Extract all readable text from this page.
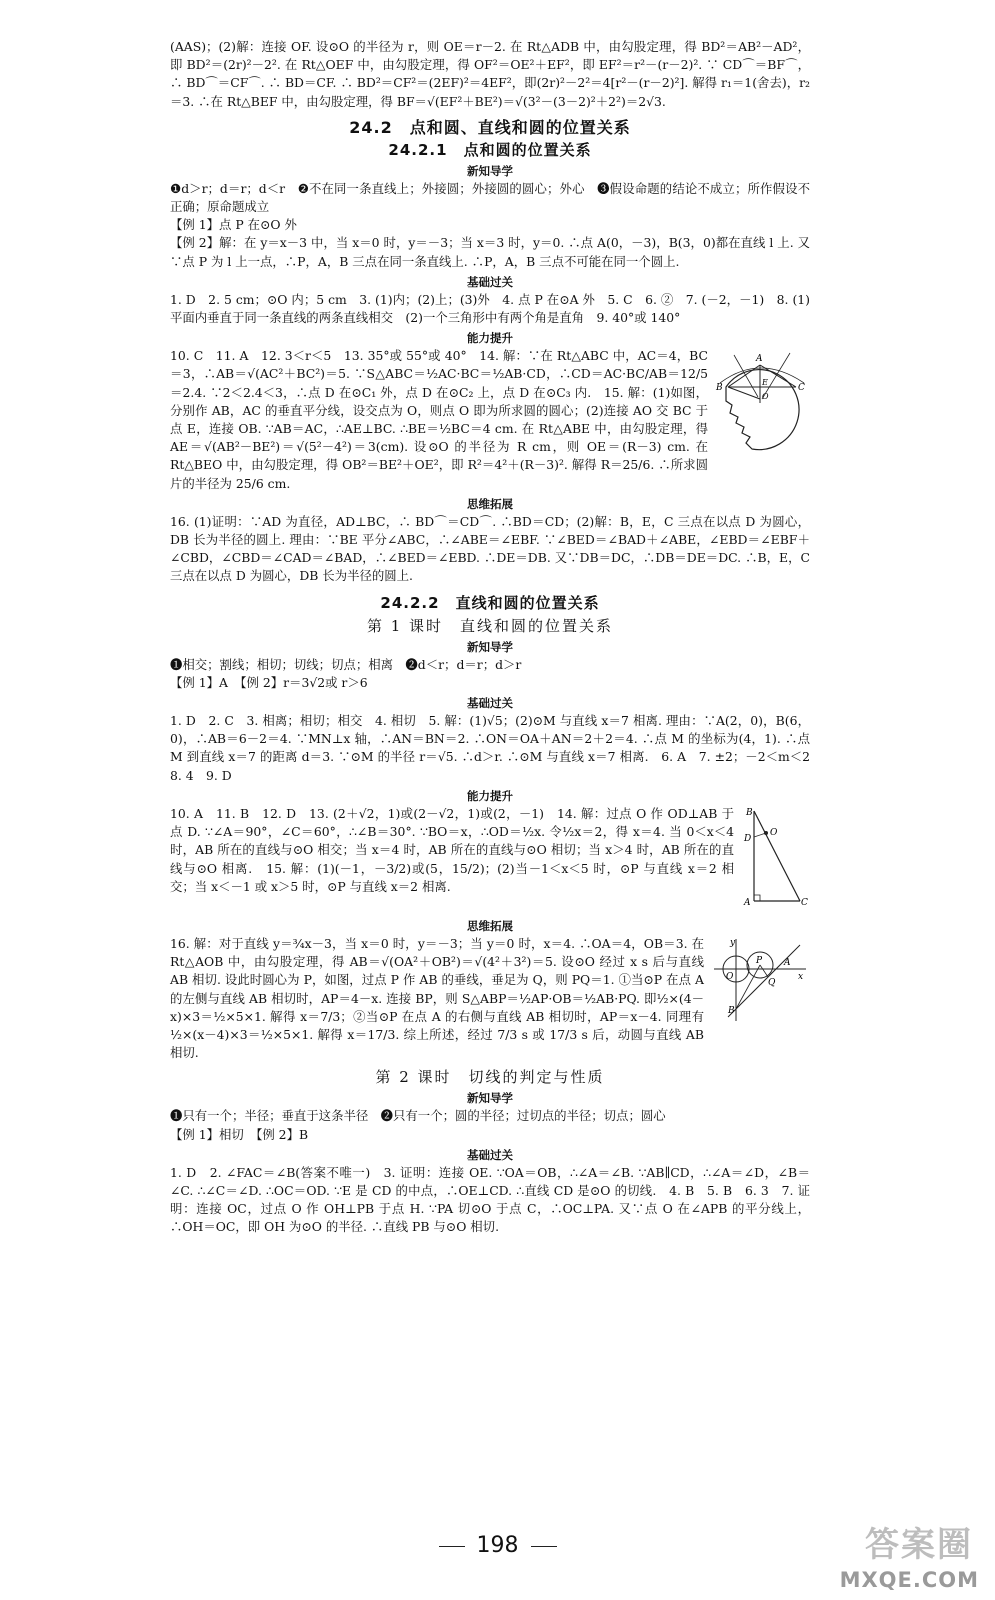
(AAS)；(2)解：连接 OF. 设⊙O 的半径为 r，则 OE＝r－2. 在 Rt△ADB 中，由勾股定理，得 BD²＝AB²－AD²，即 BD²＝(2r)²－2². 在 Rt△OEF 中，由勾股定理，得 OF²＝OE²＋EF²，即 EF²＝r²－(r－2)². ∵ CD⌒＝BF⌒，∴ BD⌒＝CF⌒. ∴ BD＝CF. ∴ BD²＝CF²＝(2EF)²＝4EF²，即(2r)²－2²＝4[r²－(r－2)²]. 解得 r₁＝1(舍去)，r₂＝3. ∴在 Rt△BEF 中，由勾股定理，得 BF＝√(EF²＋BE²)＝√(3²－(3－2)²＋2²)＝2√3.

24.2　点和圆、直线和圆的位置关系
24.2.1　点和圆的位置关系
新知导学

❶d＞r；d＝r；d＜r　❷不在同一条直线上；外接圆；外接圆的圆心；外心　❸假设命题的结论不成立；所作假设不正确；原命题成立

【例 1】点 P 在⊙O 外

【例 2】解：在 y＝x－3 中，当 x＝0 时，y＝－3；当 x＝3 时，y＝0. ∴点 A(0，－3)，B(3，0)都在直线 l 上. 又∵点 P 为 l 上一点，∴P，A，B 三点在同一条直线上. ∴P，A，B 三点不可能在同一个圆上.

基础过关

1. D　2. 5 cm；⊙O 内；5 cm　3. (1)内；(2)上；(3)外　4. 点 P 在⊙A 外　5. C　6. ②　7. (－2，－1)　8. (1)平面内垂直于同一条直线的两条直线相交　(2)一个三角形中有两个角是直角　9. 40°或 140°

能力提升

10. C　11. A　12. 3＜r＜5　13. 35°或 55°或 40°　14. 解：∵在 Rt△ABC 中，AC＝4，BC＝3，∴AB＝√(AC²＋BC²)＝5. ∵S△ABC＝½AC·BC＝½AB·CD，∴CD＝AC·BC/AB＝12/5＝2.4. ∵2＜2.4＜3，∴点 D 在⊙C₁ 外，点 D 在⊙C₂ 上，点 D 在⊙C₃ 内.　15. 解：(1)如图，分别作 AB，AC 的垂直平分线，设交点为 O，则点 O 即为所求圆的圆心；(2)连接 AO 交 BC 于点 E，连接 OB. ∵AB＝AC，∴AE⊥BC. ∴BE＝½BC＝4 cm. 在 Rt△ABE 中，由勾股定理，得 AE＝√(AB²－BE²)＝√(5²－4²)＝3(cm). 设⊙O 的半径为 R cm，则 OE＝(R－3) cm. 在 Rt△BEO 中，由勾股定理，得 OB²＝BE²＋OE²，即 R²＝4²＋(R－3)². 解得 R＝25/6. ∴所求圆片的半径为 25/6 cm.

A
B	C
E
O
思维拓展

16. (1)证明：∵AD 为直径，AD⊥BC，∴ BD⌒＝CD⌒. ∴BD＝CD；(2)解：B，E，C 三点在以点 D 为圆心，DB 长为半径的圆上. 理由：∵BE 平分∠ABC，∴∠ABE＝∠EBF. ∵∠BED＝∠BAD＋∠ABE，∠EBD＝∠EBF＋∠CBD，∠CBD＝∠CAD＝∠BAD，∴∠BED＝∠EBD. ∴DE＝DB. 又∵DB＝DC，∴DB＝DE＝DC. ∴B，E，C 三点在以点 D 为圆心，DB 长为半径的圆上.

24.2.2　直线和圆的位置关系
第 1 课时　直线和圆的位置关系
新知导学

❶相交；割线；相切；切线；切点；相离　❷d＜r；d＝r；d＞r

【例 1】A　【例 2】r＝3√2或 r＞6

基础过关

1. D　2. C　3. 相离；相切；相交　4. 相切　5. 解：(1)√5；(2)⊙M 与直线 x＝7 相离. 理由：∵A(2，0)，B(6，0)，∴AB＝6－2＝4. ∵MN⊥x 轴，∴AN＝BN＝2. ∴ON＝OA＋AN＝2＋2＝4. ∴点 M 的坐标为(4，1). ∴点 M 到直线 x＝7 的距离 d＝3. ∵⊙M 的半径 r＝√5. ∴d＞r. ∴⊙M 与直线 x＝7 相离.　6. A　7. ±2；－2＜m＜2　8. 4　9. D

能力提升

10. A　11. B　12. D　13. (2＋√2，1)或(2－√2，1)或(2，－1)　14. 解：过点 O 作 OD⊥AB 于点 D. ∵∠A＝90°，∠C＝60°，∴∠B＝30°. ∵BO＝x，∴OD＝½x. 令½x＝2，得 x＝4. 当 0＜x＜4 时，AB 所在的直线与⊙O 相交；当 x＝4 时，AB 所在的直线与⊙O 相切；当 x＞4 时，AB 所在的直线与⊙O 相离.　15. 解：(1)(－1，－3/2)或(5，15/2)；(2)当－1＜x＜5 时，⊙P 与直线 x＝2 相交；当 x＜－1 或 x＞5 时，⊙P 与直线 x＝2 相离.

B
D
O
A	C
思维拓展

16. 解：对于直线 y＝¾x－3，当 x＝0 时，y＝－3；当 y＝0 时，x＝4. ∴OA＝4，OB＝3. 在 Rt△AOB 中，由勾股定理，得 AB＝√(OA²＋OB²)＝√(4²＋3²)＝5. 设⊙O 经过 x s 后与直线 AB 相切. 设此时圆心为 P，如图，过点 P 作 AB 的垂线，垂足为 Q，则 PQ＝1. ①当⊙P 在点 A 的左侧与直线 AB 相切时，AP＝4－x. 连接 BP，则 S△ABP＝½AP·OB＝½AB·PQ. 即½×(4－x)×3＝½×5×1. 解得 x＝7/3；②当⊙P 在点 A 的右侧与直线 AB 相切时，AP＝x－4. 同理有½×(x－4)×3＝½×5×1. 解得 x＝17/3. 综上所述，经过 7/3 s 或 17/3 s 后，动圆与直线 AB 相切.

y
x
O
P A
Q
B
第 2 课时　切线的判定与性质
新知导学

❶只有一个；半径；垂直于这条半径　❷只有一个；圆的半径；过切点的半径；切点；圆心

【例 1】相切　【例 2】B

基础过关

1. D　2. ∠FAC＝∠B(答案不唯一)　3. 证明：连接 OE. ∵OA＝OB，∴∠A＝∠B. ∵AB∥CD，∴∠A＝∠D，∠B＝∠C. ∴∠C＝∠D. ∴OC＝OD. ∵E 是 CD 的中点，∴OE⊥CD. ∴直线 CD 是⊙O 的切线.　4. B　5. B　6. 3　7. 证明：连接 OC，过点 O 作 OH⊥PB 于点 H. ∵PA 切⊙O 于点 C，∴OC⊥PA. 又∵点 O 在∠APB 的平分线上，∴OH＝OC，即 OH 为⊙O 的半径. ∴直线 PB 与⊙O 相切.

198	答案圈
MXQE.COM
